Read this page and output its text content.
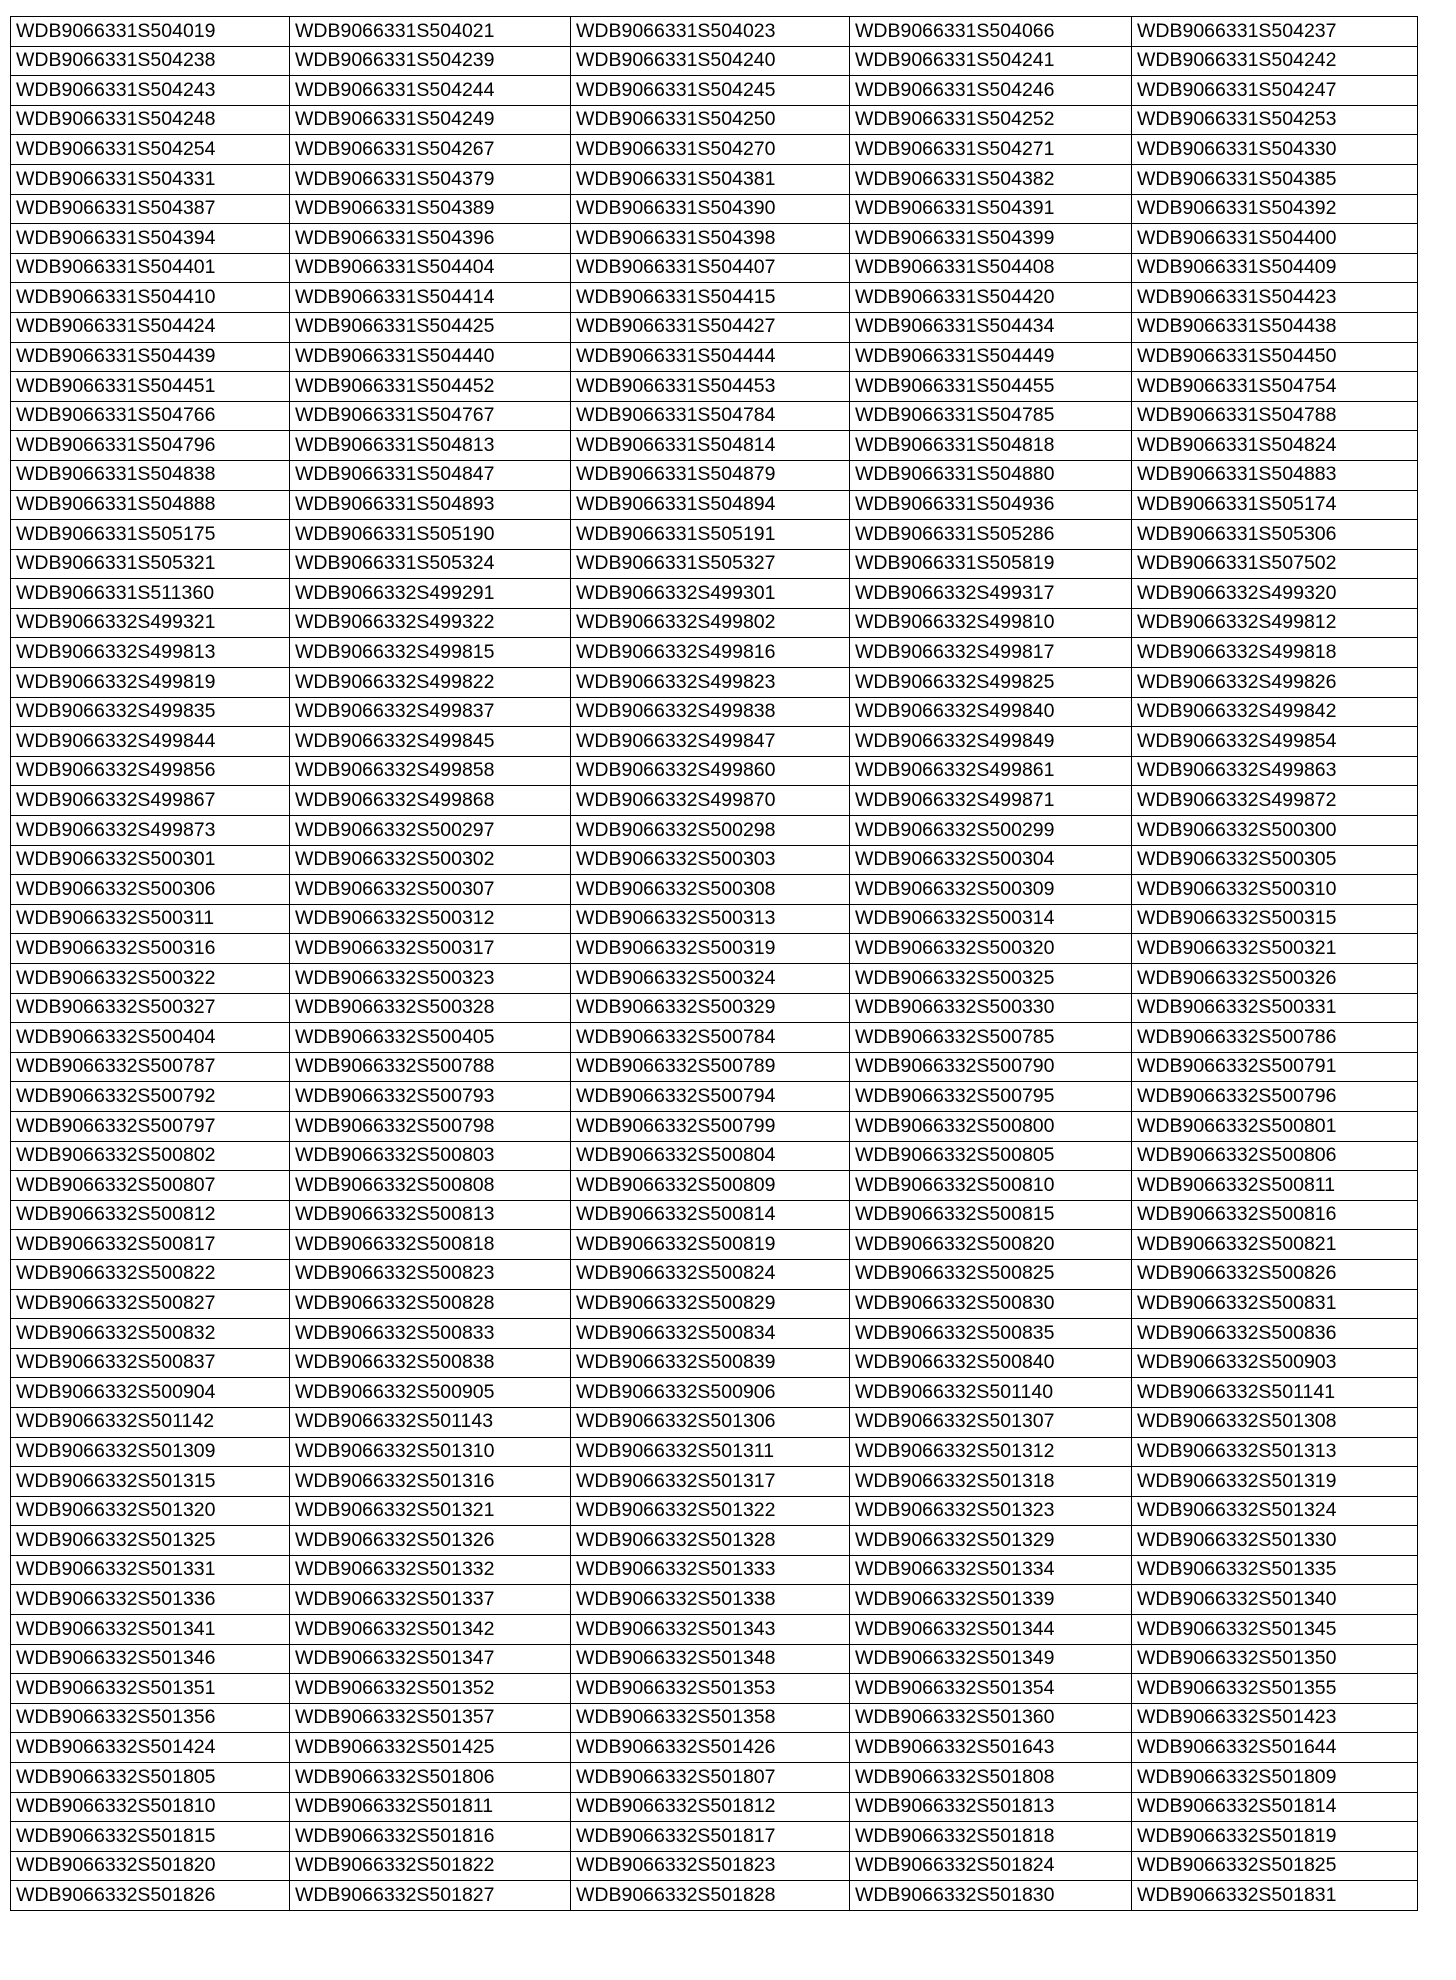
WDB9066331S504019	WDB9066331S504021	WDB9066331S504023	WDB9066331S504066	WDB9066331S504237
WDB9066331S504238	WDB9066331S504239	WDB9066331S504240	WDB9066331S504241	WDB9066331S504242
WDB9066331S504243	WDB9066331S504244	WDB9066331S504245	WDB9066331S504246	WDB9066331S504247
WDB9066331S504248	WDB9066331S504249	WDB9066331S504250	WDB9066331S504252	WDB9066331S504253
WDB9066331S504254	WDB9066331S504267	WDB9066331S504270	WDB9066331S504271	WDB9066331S504330
WDB9066331S504331	WDB9066331S504379	WDB9066331S504381	WDB9066331S504382	WDB9066331S504385
WDB9066331S504387	WDB9066331S504389	WDB9066331S504390	WDB9066331S504391	WDB9066331S504392
WDB9066331S504394	WDB9066331S504396	WDB9066331S504398	WDB9066331S504399	WDB9066331S504400
WDB9066331S504401	WDB9066331S504404	WDB9066331S504407	WDB9066331S504408	WDB9066331S504409
WDB9066331S504410	WDB9066331S504414	WDB9066331S504415	WDB9066331S504420	WDB9066331S504423
WDB9066331S504424	WDB9066331S504425	WDB9066331S504427	WDB9066331S504434	WDB9066331S504438
WDB9066331S504439	WDB9066331S504440	WDB9066331S504444	WDB9066331S504449	WDB9066331S504450
WDB9066331S504451	WDB9066331S504452	WDB9066331S504453	WDB9066331S504455	WDB9066331S504754
WDB9066331S504766	WDB9066331S504767	WDB9066331S504784	WDB9066331S504785	WDB9066331S504788
WDB9066331S504796	WDB9066331S504813	WDB9066331S504814	WDB9066331S504818	WDB9066331S504824
WDB9066331S504838	WDB9066331S504847	WDB9066331S504879	WDB9066331S504880	WDB9066331S504883
WDB9066331S504888	WDB9066331S504893	WDB9066331S504894	WDB9066331S504936	WDB9066331S505174
WDB9066331S505175	WDB9066331S505190	WDB9066331S505191	WDB9066331S505286	WDB9066331S505306
WDB9066331S505321	WDB9066331S505324	WDB9066331S505327	WDB9066331S505819	WDB9066331S507502
WDB9066331S511360	WDB9066332S499291	WDB9066332S499301	WDB9066332S499317	WDB9066332S499320
WDB9066332S499321	WDB9066332S499322	WDB9066332S499802	WDB9066332S499810	WDB9066332S499812
WDB9066332S499813	WDB9066332S499815	WDB9066332S499816	WDB9066332S499817	WDB9066332S499818
WDB9066332S499819	WDB9066332S499822	WDB9066332S499823	WDB9066332S499825	WDB9066332S499826
WDB9066332S499835	WDB9066332S499837	WDB9066332S499838	WDB9066332S499840	WDB9066332S499842
WDB9066332S499844	WDB9066332S499845	WDB9066332S499847	WDB9066332S499849	WDB9066332S499854
WDB9066332S499856	WDB9066332S499858	WDB9066332S499860	WDB9066332S499861	WDB9066332S499863
WDB9066332S499867	WDB9066332S499868	WDB9066332S499870	WDB9066332S499871	WDB9066332S499872
WDB9066332S499873	WDB9066332S500297	WDB9066332S500298	WDB9066332S500299	WDB9066332S500300
WDB9066332S500301	WDB9066332S500302	WDB9066332S500303	WDB9066332S500304	WDB9066332S500305
WDB9066332S500306	WDB9066332S500307	WDB9066332S500308	WDB9066332S500309	WDB9066332S500310
WDB9066332S500311	WDB9066332S500312	WDB9066332S500313	WDB9066332S500314	WDB9066332S500315
WDB9066332S500316	WDB9066332S500317	WDB9066332S500319	WDB9066332S500320	WDB9066332S500321
WDB9066332S500322	WDB9066332S500323	WDB9066332S500324	WDB9066332S500325	WDB9066332S500326
WDB9066332S500327	WDB9066332S500328	WDB9066332S500329	WDB9066332S500330	WDB9066332S500331
WDB9066332S500404	WDB9066332S500405	WDB9066332S500784	WDB9066332S500785	WDB9066332S500786
WDB9066332S500787	WDB9066332S500788	WDB9066332S500789	WDB9066332S500790	WDB9066332S500791
WDB9066332S500792	WDB9066332S500793	WDB9066332S500794	WDB9066332S500795	WDB9066332S500796
WDB9066332S500797	WDB9066332S500798	WDB9066332S500799	WDB9066332S500800	WDB9066332S500801
WDB9066332S500802	WDB9066332S500803	WDB9066332S500804	WDB9066332S500805	WDB9066332S500806
WDB9066332S500807	WDB9066332S500808	WDB9066332S500809	WDB9066332S500810	WDB9066332S500811
WDB9066332S500812	WDB9066332S500813	WDB9066332S500814	WDB9066332S500815	WDB9066332S500816
WDB9066332S500817	WDB9066332S500818	WDB9066332S500819	WDB9066332S500820	WDB9066332S500821
WDB9066332S500822	WDB9066332S500823	WDB9066332S500824	WDB9066332S500825	WDB9066332S500826
WDB9066332S500827	WDB9066332S500828	WDB9066332S500829	WDB9066332S500830	WDB9066332S500831
WDB9066332S500832	WDB9066332S500833	WDB9066332S500834	WDB9066332S500835	WDB9066332S500836
WDB9066332S500837	WDB9066332S500838	WDB9066332S500839	WDB9066332S500840	WDB9066332S500903
WDB9066332S500904	WDB9066332S500905	WDB9066332S500906	WDB9066332S501140	WDB9066332S501141
WDB9066332S501142	WDB9066332S501143	WDB9066332S501306	WDB9066332S501307	WDB9066332S501308
WDB9066332S501309	WDB9066332S501310	WDB9066332S501311	WDB9066332S501312	WDB9066332S501313
WDB9066332S501315	WDB9066332S501316	WDB9066332S501317	WDB9066332S501318	WDB9066332S501319
WDB9066332S501320	WDB9066332S501321	WDB9066332S501322	WDB9066332S501323	WDB9066332S501324
WDB9066332S501325	WDB9066332S501326	WDB9066332S501328	WDB9066332S501329	WDB9066332S501330
WDB9066332S501331	WDB9066332S501332	WDB9066332S501333	WDB9066332S501334	WDB9066332S501335
WDB9066332S501336	WDB9066332S501337	WDB9066332S501338	WDB9066332S501339	WDB9066332S501340
WDB9066332S501341	WDB9066332S501342	WDB9066332S501343	WDB9066332S501344	WDB9066332S501345
WDB9066332S501346	WDB9066332S501347	WDB9066332S501348	WDB9066332S501349	WDB9066332S501350
WDB9066332S501351	WDB9066332S501352	WDB9066332S501353	WDB9066332S501354	WDB9066332S501355
WDB9066332S501356	WDB9066332S501357	WDB9066332S501358	WDB9066332S501360	WDB9066332S501423
WDB9066332S501424	WDB9066332S501425	WDB9066332S501426	WDB9066332S501643	WDB9066332S501644
WDB9066332S501805	WDB9066332S501806	WDB9066332S501807	WDB9066332S501808	WDB9066332S501809
WDB9066332S501810	WDB9066332S501811	WDB9066332S501812	WDB9066332S501813	WDB9066332S501814
WDB9066332S501815	WDB9066332S501816	WDB9066332S501817	WDB9066332S501818	WDB9066332S501819
WDB9066332S501820	WDB9066332S501822	WDB9066332S501823	WDB9066332S501824	WDB9066332S501825
WDB9066332S501826	WDB9066332S501827	WDB9066332S501828	WDB9066332S501830	WDB9066332S501831
